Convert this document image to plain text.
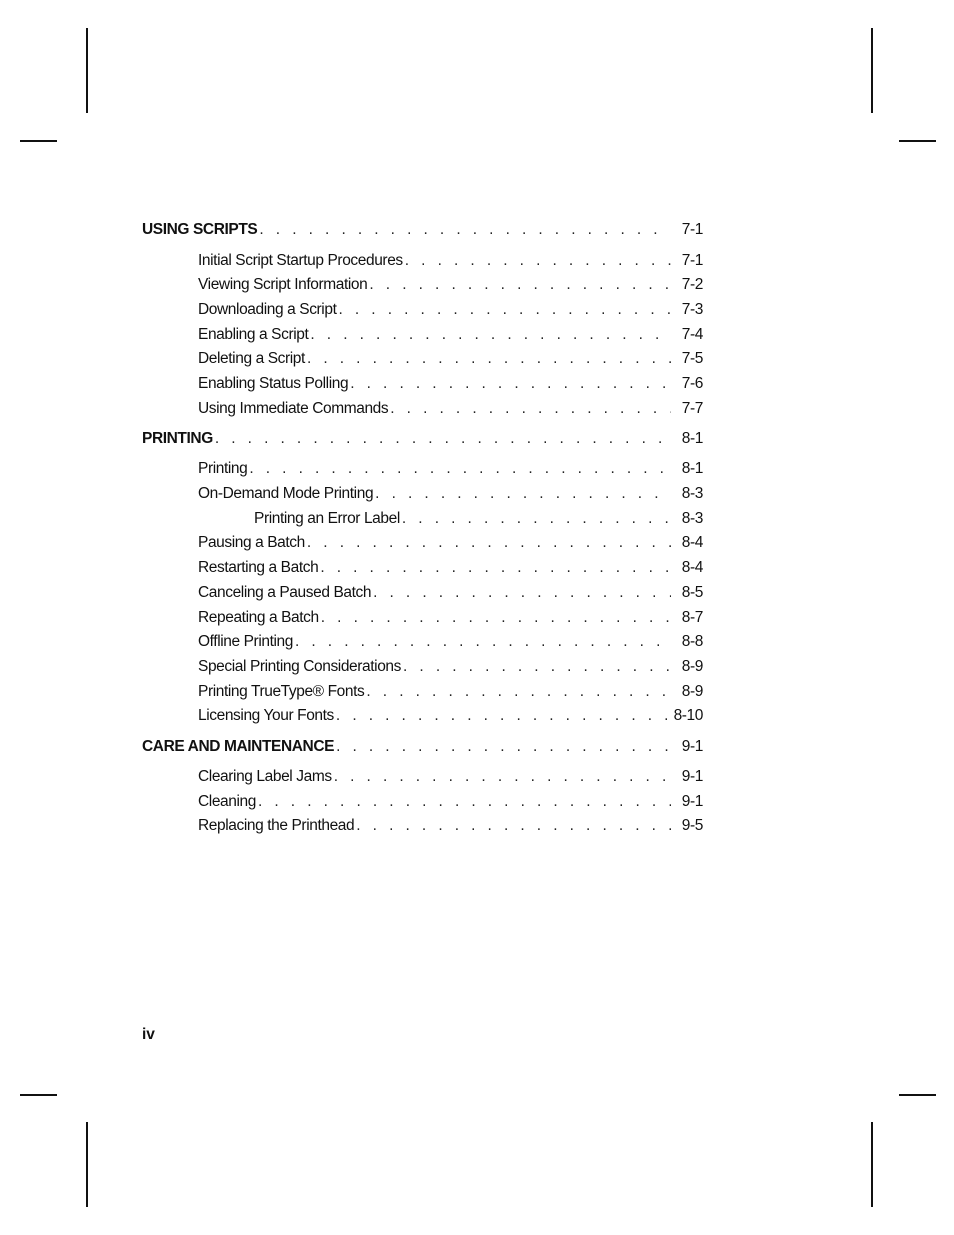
USING SCRIPTS . . .	7-1
Initial Script Startup Procedures . . .	7-1
Viewing Script Information . . .	7-2
Downloading a Script . . .	7-3
Enabling a Script . . .	7-4
Deleting a Script . . .	7-5
Enabling Status Polling . . .	7-6
Using Immediate Commands . . .	7-7
PRINTING . . .	8-1
Printing . . .	8-1
On-Demand Mode Printing . . .	8-3
Printing an Error Label . . .	8-3
Pausing a Batch . . .	8-4
Restarting a Batch . . .	8-4
Canceling a Paused Batch . . .	8-5
Repeating a Batch . . .	8-7
Offline Printing . . .	8-8
Special Printing Considerations . . .	8-9
Printing TrueType® Fonts . . .	8-9
Licensing Your Fonts . . .	8-10
CARE AND MAINTENANCE . . .	9-1
Clearing Label Jams . . .	9-1
Cleaning . . .	9-1
Replacing the Printhead . . .	9-5
iv
